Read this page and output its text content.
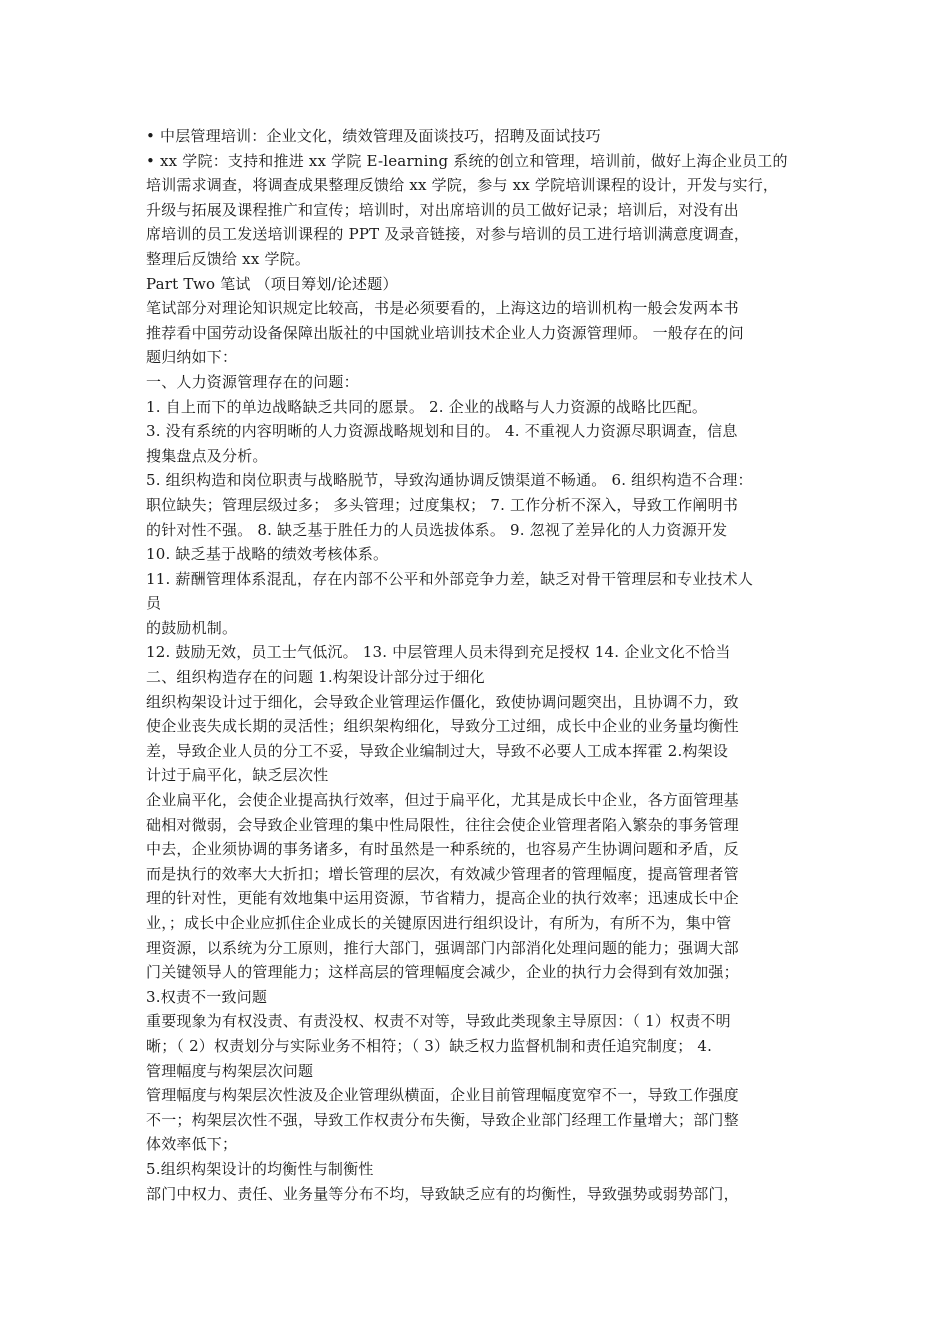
• 中层管理培训：企业文化，绩效管理及面谈技巧，招聘及面试技巧
• xx 学院：支持和推进 xx 学院 E-learning 系统的创立和管理，培训前，做好上海企业员工的
培训需求调查，将调查成果整理反馈给 xx 学院，参与 xx 学院培训课程的设计，开发与实行，
升级与拓展及课程推广和宣传；培训时，对出席培训的员工做好记录；培训后，对没有出
席培训的员工发送培训课程的 PPT 及录音链接，对参与培训的员工进行培训满意度调查，
整理后反馈给 xx 学院。
Part Two 笔试 （项目筹划/论述题）
笔试部分对理论知识规定比较高，书是必须要看的，上海这边的培训机构一般会发两本书
推荐看中国劳动设备保障出版社的中国就业培训技术企业人力资源管理师。 一般存在的问
题归纳如下：
一、人力资源管理存在的问题：
1. 自上而下的单边战略缺乏共同的愿景。 2. 企业的战略与人力资源的战略比匹配。
3. 没有系统的内容明晰的人力资源战略规划和目的。 4. 不重视人力资源尽职调查，信息
搜集盘点及分析。
5. 组织构造和岗位职责与战略脱节，导致沟通协调反馈渠道不畅通。 6. 组织构造不合理：
职位缺失；管理层级过多； 多头管理；过度集权； 7. 工作分析不深入，导致工作阐明书
的针对性不强。 8. 缺乏基于胜任力的人员选拔体系。 9. 忽视了差异化的人力资源开发
10. 缺乏基于战略的绩效考核体系。
11. 薪酬管理体系混乱，存在内部不公平和外部竞争力差，缺乏对骨干管理层和专业技术人
员
的鼓励机制。
12. 鼓励无效，员工士气低沉。 13. 中层管理人员未得到充足授权 14. 企业文化不恰当
二、组织构造存在的问题 1.构架设计部分过于细化
组织构架设计过于细化，会导致企业管理运作僵化，致使协调问题突出，且协调不力，致
使企业丧失成长期的灵活性；组织架构细化，导致分工过细，成长中企业的业务量均衡性
差，导致企业人员的分工不妥，导致企业编制过大，导致不必要人工成本挥霍 2.构架设
计过于扁平化，缺乏层次性
企业扁平化，会使企业提高执行效率，但过于扁平化，尤其是成长中企业，各方面管理基
础相对微弱，会导致企业管理的集中性局限性，往往会使企业管理者陷入繁杂的事务管理
中去，企业须协调的事务诸多，有时虽然是一种系统的，也容易产生协调问题和矛盾，反
而是执行的效率大大折扣；增长管理的层次，有效减少管理者的管理幅度，提高管理者管
理的针对性，更能有效地集中运用资源，节省精力，提高企业的执行效率；迅速成长中企
业，；成长中企业应抓住企业成长的关键原因进行组织设计，有所为，有所不为，集中管
理资源，以系统为分工原则，推行大部门，强调部门内部消化处理问题的能力；强调大部
门关键领导人的管理能力；这样高层的管理幅度会减少，企业的执行力会得到有效加强；
3.权责不一致问题
重要现象为有权没责、有责没权、权责不对等，导致此类现象主导原因：（ 1）权责不明
晰；（ 2）权责划分与实际业务不相符；（ 3）缺乏权力监督机制和责任追究制度； 4.
管理幅度与构架层次问题
管理幅度与构架层次性波及企业管理纵横面，企业目前管理幅度宽窄不一，导致工作强度
不一；构架层次性不强，导致工作权责分布失衡，导致企业部门经理工作量增大；部门整
体效率低下；
5.组织构架设计的均衡性与制衡性
部门中权力、责任、业务量等分布不均，导致缺乏应有的均衡性，导致强势或弱势部门，
